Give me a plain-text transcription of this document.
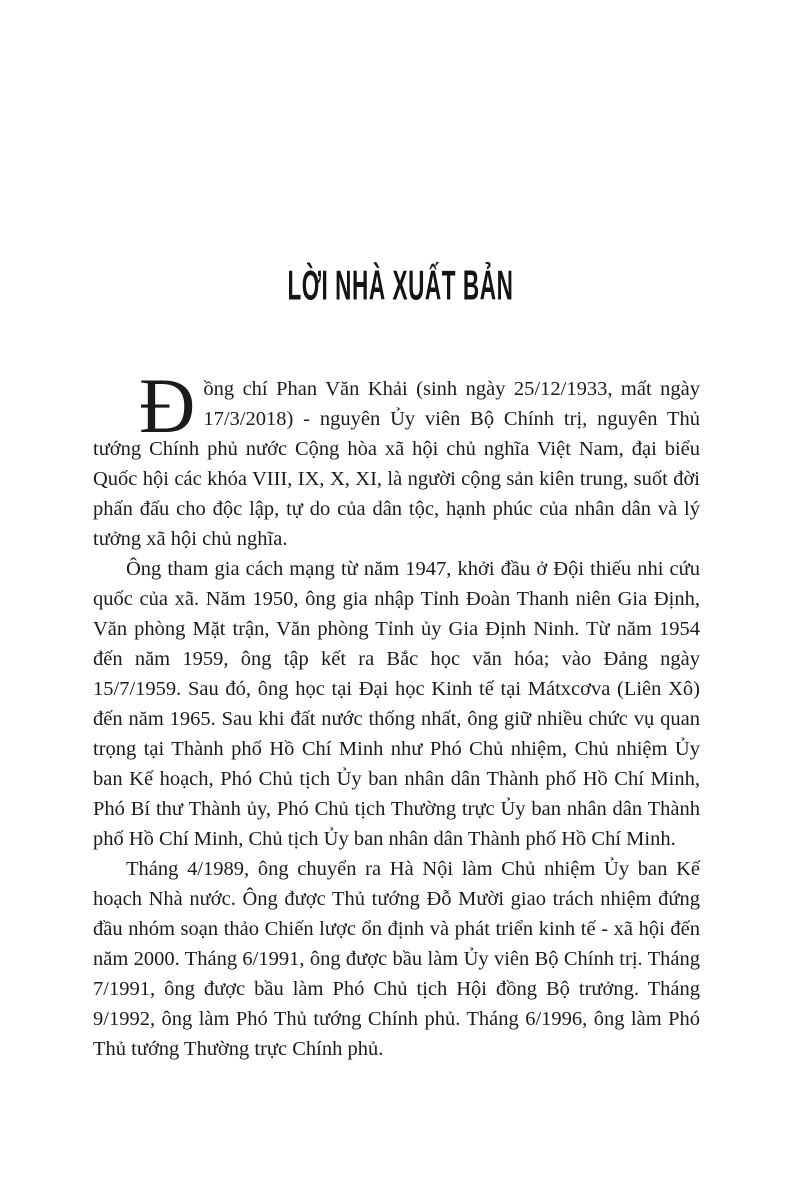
LỜI NHÀ XUẤT BẢN

Đồng chí Phan Văn Khải (sinh ngày 25/12/1933, mất ngày 17/3/2018) - nguyên Ủy viên Bộ Chính trị, nguyên Thủ tướng Chính phủ nước Cộng hòa xã hội chủ nghĩa Việt Nam, đại biểu Quốc hội các khóa VIII, IX, X, XI, là người cộng sản kiên trung, suốt đời phấn đấu cho độc lập, tự do của dân tộc, hạnh phúc của nhân dân và lý tưởng xã hội chủ nghĩa.

Ông tham gia cách mạng từ năm 1947, khởi đầu ở Đội thiếu nhi cứu quốc của xã. Năm 1950, ông gia nhập Tỉnh Đoàn Thanh niên Gia Định, Văn phòng Mặt trận, Văn phòng Tỉnh ủy Gia Định Ninh. Từ năm 1954 đến năm 1959, ông tập kết ra Bắc học văn hóa; vào Đảng ngày 15/7/1959. Sau đó, ông học tại Đại học Kinh tế tại Mátxcơva (Liên Xô) đến năm 1965. Sau khi đất nước thống nhất, ông giữ nhiều chức vụ quan trọng tại Thành phố Hồ Chí Minh như Phó Chủ nhiệm, Chủ nhiệm Ủy ban Kế hoạch, Phó Chủ tịch Ủy ban nhân dân Thành phố Hồ Chí Minh, Phó Bí thư Thành ủy, Phó Chủ tịch Thường trực Ủy ban nhân dân Thành phố Hồ Chí Minh, Chủ tịch Ủy ban nhân dân Thành phố Hồ Chí Minh.

Tháng 4/1989, ông chuyển ra Hà Nội làm Chủ nhiệm Ủy ban Kế hoạch Nhà nước. Ông được Thủ tướng Đỗ Mười giao trách nhiệm đứng đầu nhóm soạn thảo Chiến lược ổn định và phát triển kinh tế - xã hội đến năm 2000. Tháng 6/1991, ông được bầu làm Ủy viên Bộ Chính trị. Tháng 7/1991, ông được bầu làm Phó Chủ tịch Hội đồng Bộ trưởng. Tháng 9/1992, ông làm Phó Thủ tướng Chính phủ. Tháng 6/1996, ông làm Phó Thủ tướng Thường trực Chính phủ.
